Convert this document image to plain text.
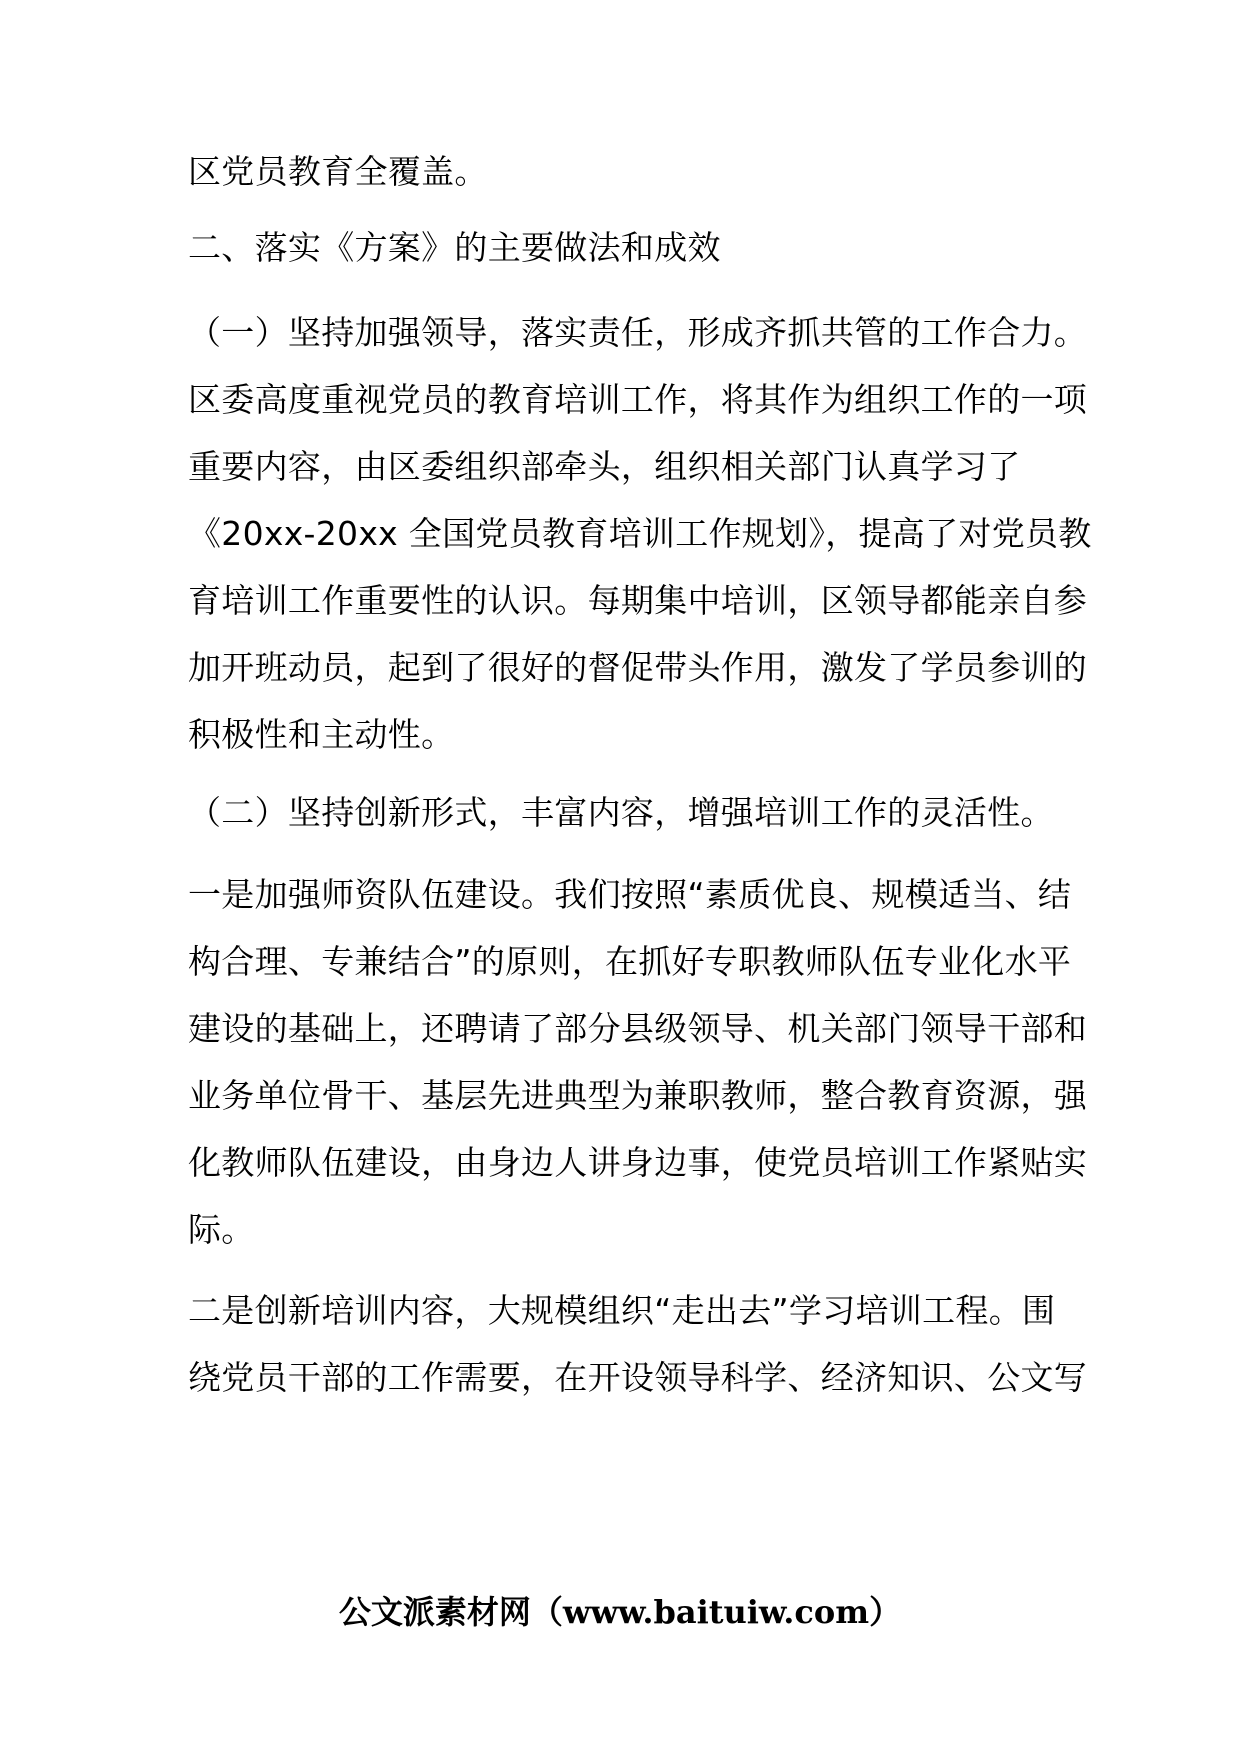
区党员教育全覆盖。
二、落实《方案》的主要做法和成效
（一）坚持加强领导，落实责任，形成齐抓共管的工作合力。
区委高度重视党员的教育培训工作，将其作为组织工作的一项
重要内容，由区委组织部牵头，组织相关部门认真学习了
《20xx-20xx 全国党员教育培训工作规划》，提高了对党员教
育培训工作重要性的认识。每期集中培训，区领导都能亲自参
加开班动员，起到了很好的督促带头作用，激发了学员参训的
积极性和主动性。
（二）坚持创新形式，丰富内容，增强培训工作的灵活性。
一是加强师资队伍建设。我们按照“素质优良、规模适当、结
构合理、专兼结合”的原则，在抓好专职教师队伍专业化水平
建设的基础上，还聘请了部分县级领导、机关部门领导干部和
业务单位骨干、基层先进典型为兼职教师，整合教育资源，强
化教师队伍建设，由身边人讲身边事，使党员培训工作紧贴实
际。
二是创新培训内容，大规模组织“走出去”学习培训工程。围
绕党员干部的工作需要，在开设领导科学、经济知识、公文写
公文派素材网（www.baituiw.com）
